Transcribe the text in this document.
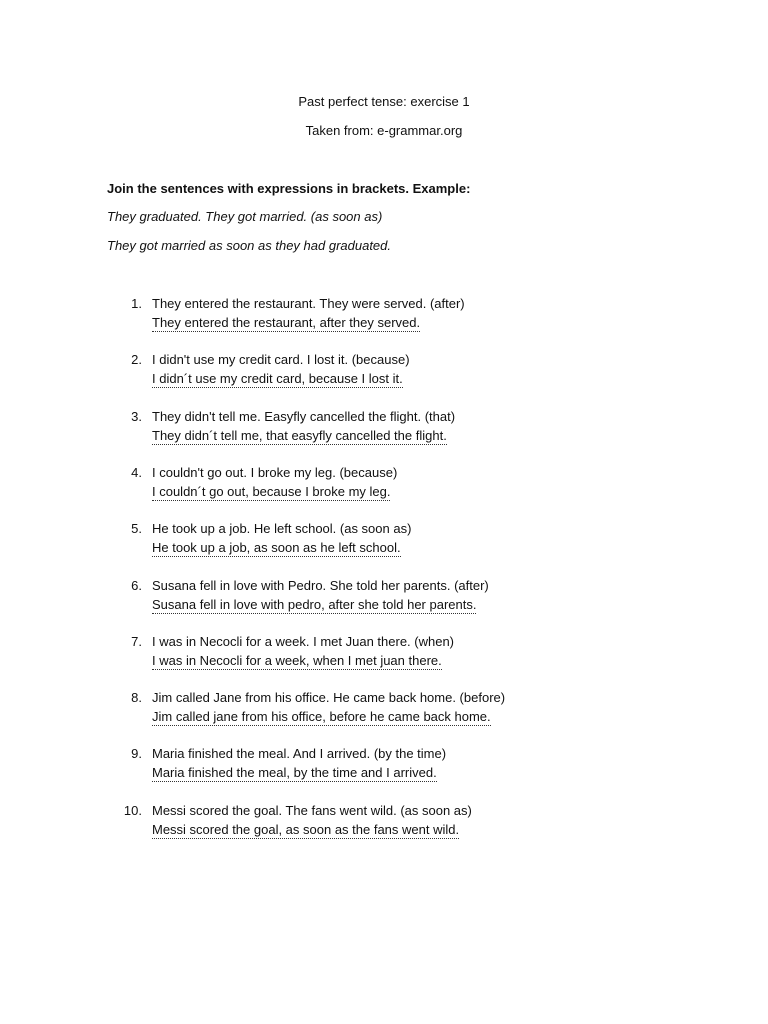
Past perfect tense: exercise 1
Taken from: e-grammar.org
Join the sentences with expressions in brackets. Example:
They graduated. They got married. (as soon as)
They got married as soon as they had graduated.
1. They entered the restaurant. They were served. (after)
They entered the restaurant, after they served.
2. I didn't use my credit card. I lost it. (because)
I didn´t use my credit card, because I lost it.
3. They didn't tell me. Easyfly cancelled the flight. (that)
They didn´t tell me, that easyfly cancelled the flight.
4. I couldn't go out. I broke my leg. (because)
I couldn´t go out, because I broke my leg.
5. He took up a job. He left school. (as soon as)
He took up a job, as soon as he left school.
6. Susana fell in love with Pedro. She told her parents. (after)
Susana fell in love with pedro, after she told her parents.
7. I was in Necocli for a week. I met Juan there. (when)
I was in Necocli for a week, when I met juan there.
8. Jim called Jane from his office. He came back home. (before)
Jim called jane from his office, before he came back home.
9. Maria finished the meal. And I arrived. (by the time)
Maria finished the meal, by the time and I arrived.
10. Messi scored the goal. The fans went wild. (as soon as)
Messi scored the goal, as soon as the fans went wild.
